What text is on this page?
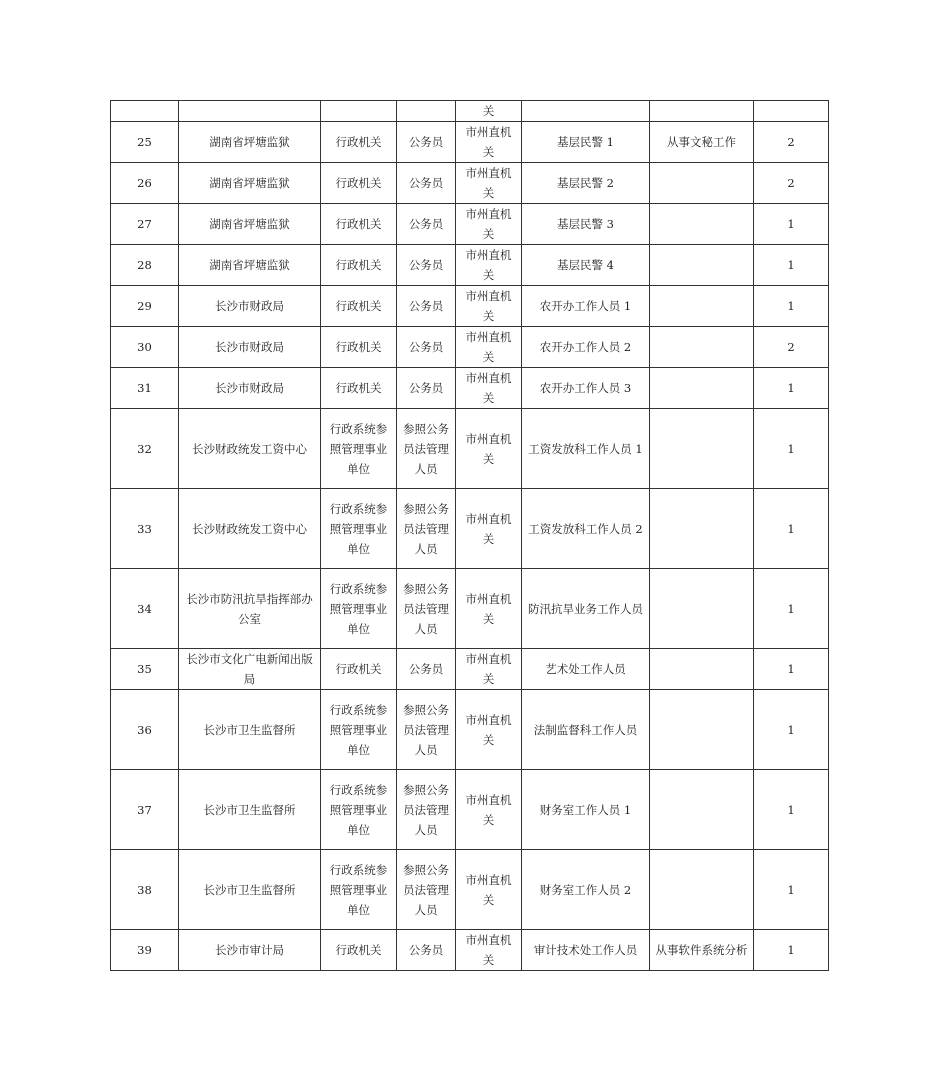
				关			
25	湖南省坪塘监狱	行政机关	公务员	市州直机关	基层民警 1	从事文秘工作	2
26	湖南省坪塘监狱	行政机关	公务员	市州直机关	基层民警 2		2
27	湖南省坪塘监狱	行政机关	公务员	市州直机关	基层民警 3		1
28	湖南省坪塘监狱	行政机关	公务员	市州直机关	基层民警 4		1
29	长沙市财政局	行政机关	公务员	市州直机关	农开办工作人员 1		1
30	长沙市财政局	行政机关	公务员	市州直机关	农开办工作人员 2		2
31	长沙市财政局	行政机关	公务员	市州直机关	农开办工作人员 3		1
32	长沙财政统发工资中心	行政系统参照管理事业单位	参照公务员法管理人员	市州直机关	工资发放科工作人员 1		1
33	长沙财政统发工资中心	行政系统参照管理事业单位	参照公务员法管理人员	市州直机关	工资发放科工作人员 2		1
34	长沙市防汛抗旱指挥部办公室	行政系统参照管理事业单位	参照公务员法管理人员	市州直机关	防汛抗旱业务工作人员		1
35	长沙市文化广电新闻出版局	行政机关	公务员	市州直机关	艺术处工作人员		1
36	长沙市卫生监督所	行政系统参照管理事业单位	参照公务员法管理人员	市州直机关	法制监督科工作人员		1
37	长沙市卫生监督所	行政系统参照管理事业单位	参照公务员法管理人员	市州直机关	财务室工作人员 1		1
38	长沙市卫生监督所	行政系统参照管理事业单位	参照公务员法管理人员	市州直机关	财务室工作人员 2		1
39	长沙市审计局	行政机关	公务员	市州直机关	审计技术处工作人员	从事软件系统分析	1
